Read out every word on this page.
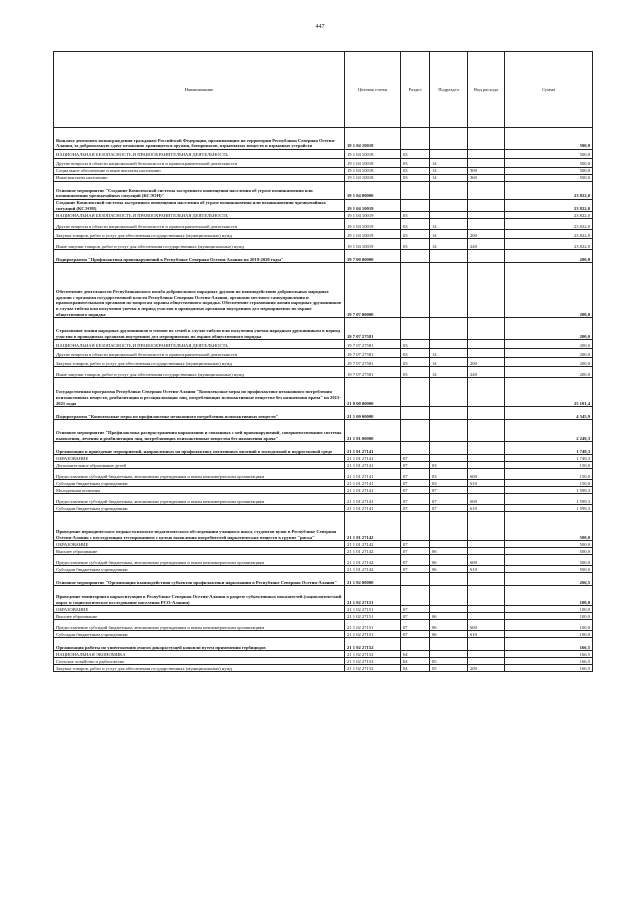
447
Наименование	Целевая статья	Раздел	Подраздел	Вид расхода	Сумма
Выплата денежного вознаграждения гражданам Российской Федерации, проживающим на территории Республики Северная Осетия-Алания, за добровольную сдачу незаконно хранящегося оружия, боеприпасов, взрывчатых веществ и взрывных устройств	19 1 04 10018				500,0
НАЦИОНАЛЬНАЯ БЕЗОПАСНОСТЬ И ПРАВООХРАНИТЕЛЬНАЯ ДЕЯТЕЛЬНОСТЬ	19 1 04 10018	03			500,0
Другие вопросы в области национальной безопасности и правоохранительной деятельности	19 1 04 10018	03	14		500,0
Социальное обеспечение и иные выплаты населению	19 1 04 10018	03	14	300	500,0
Иные выплаты населению	19 1 04 10018	03	14	360	500,0
Основное мероприятие "Создание Комплексной системы экстренного оповещения населения об угрозе возникновения или возникновении чрезвычайных ситуаций (КСЭОН)"	19 1 04 00000				23 822,0
Создание Комплексной системы экстренного оповещения населения об угрозе возникновения или возникновении чрезвычайных ситуаций (КСЭОН)	19 1 04 10019				23 822,0
НАЦИОНАЛЬНАЯ БЕЗОПАСНОСТЬ И ПРАВООХРАНИТЕЛЬНАЯ ДЕЯТЕЛЬНОСТЬ	19 1 04 10019	03			23 822,0
Другие вопросы в области национальной безопасности и правоохранительной деятельности	19 1 04 10019	03	14		23 822,0
Закупка товаров, работ и услуг для обеспечения государственных (муниципальных) нужд	19 1 04 10019	03	14	200	23 822,0
Иные закупки товаров, работ и услуг для обеспечения государственных (муниципальных) нужд	19 1 04 10019	03	14	240	23 822,0
Подпрограмма "Профилактика правонарушений в Республике Северная Осетия-Алания на 2019-2020 годы"	19 7 00 00000				200,0
Обеспечение деятельности Республиканского штаба добровольных народных дружин по взаимодействию добровольных народных дружин с органами государственной власти Республики Северная Осетия-Алания, органами местного самоуправления и правоохранительными органами по вопросам охраны общественного порядка. Обеспечение страхования жизни народных дружинников в случае гибели или получения увечья в период участия в проводимых органами внутренних дел мероприятиях по охране общественного порядка	19 7 07 00000				200,0
Страхование жизни народных дружинников и членов их семей в случае гибели или получения увечья народным дружинником в период участия в проводимых органами внутренних дел мероприятиях по охране общественного порядка	19 7 07 27581				200,0
НАЦИОНАЛЬНАЯ БЕЗОПАСНОСТЬ И ПРАВООХРАНИТЕЛЬНАЯ ДЕЯТЕЛЬНОСТЬ	19 7 07 27581	03			200,0
Другие вопросы в области национальной безопасности и правоохранительной деятельности	19 7 07 27581	03	14		200,0
Закупка товаров, работ и услуг для обеспечения государственных (муниципальных) нужд	19 7 07 27581	03	14	200	200,0
Иные закупки товаров, работ и услуг для обеспечения государственных (муниципальных) нужд	19 7 07 27581	03	14	240	200,0
Государственная программа Республики Северная Осетия-Алания "Комплексные меры по профилактике незаконного потребления психоактивных веществ, реабилитации и ресоциализации лиц, потребляющих психоактивные вещества без назначения врача" на 2015-2021 годы	21 0 00 00000				25 101,4
Подпрограмма "Комплексные меры по профилактике незаконного потребления психоактивных веществ"	21 1 00 00000				4 345,9
Основное мероприятие "Профилактика распространения наркомании и связанных с ней правонарушений, совершенствование системы выявления, лечения и реабилитации лиц, потребляющих психоактивные вещества без назначения врача"	21 1 01 00000				2 249,3
Организация и проведение мероприятий, направленных на профилактику негативных явлений в молодежной и подростковой среде	21 1 01 27141				1 749,3
ОБРАЗОВАНИЕ	21 1 01 27141	07			1 749,3
Дополнительное образование детей	21 1 01 27141	07	03		150,0
Предоставление субсидий бюджетным, автономным учреждениям и иным некоммерческим организациям	21 1 01 27141	07	03	600	150,0
Субсидии бюджетным учреждениям	21 1 01 27141	07	03	610	150,0
Молодежная политика	21 1 01 27141	07	07		1 599,3
Предоставление субсидий бюджетным, автономным учреждениям и иным некоммерческим организациям	21 1 01 27141	07	07	600	1 599,3
Субсидии бюджетным учреждениям	21 1 01 27141	07	07	610	1 599,3
Проведение периодического медико-психолого-педагогического обследования учащихся школ, студентов вузов в Республике Северная Осетия-Алания с последующим тестированием с целью выявления потребителей наркотических веществ в группе "риска"	21 1 01 27142				500,0
ОБРАЗОВАНИЕ	21 1 01 27142	07			500,0
Высшее образование	21 1 01 27142	07	06		500,0
Предоставление субсидий бюджетным, автономным учреждениям и иным некоммерческим организациям	21 1 01 27142	07	06	600	500,0
Субсидии бюджетным учреждениям	21 1 01 27142	07	06	610	500,0
Основное мероприятие "Организация взаимодействия субъектов профилактики наркомании в Республике Северная Осетия-Алания"	21 1 02 00000				266,5
Проведение мониторинга наркоситуации в Республике Северная Осетия-Алания в разрезе субъективных показателей (социологический опрос и социологическое исследование населения РСО-Алания)	21 1 02 27151				100,0
ОБРАЗОВАНИЕ	21 1 02 27151	07			100,0
Высшее образование	21 1 02 27151	07	06		100,0
Предоставление субсидий бюджетным, автономным учреждениям и иным некоммерческим организациям	21 1 02 27151	07	06	600	100,0
Субсидии бюджетным учреждениям	21 1 02 27151	07	06	610	100,0
Организация работы по уничтожению очагов дикорастущей конопли путем применения гербицидов	21 1 02 27152				166,5
НАЦИОНАЛЬНАЯ ЭКОНОМИКА	21 1 02 27152	04			166,5
Сельское хозяйство и рыболовство	21 1 02 27152	04	05		166,5
Закупка товаров, работ и услуг для обеспечения государственных (муниципальных) нужд	21 1 02 27152	04	05	200	166,5
